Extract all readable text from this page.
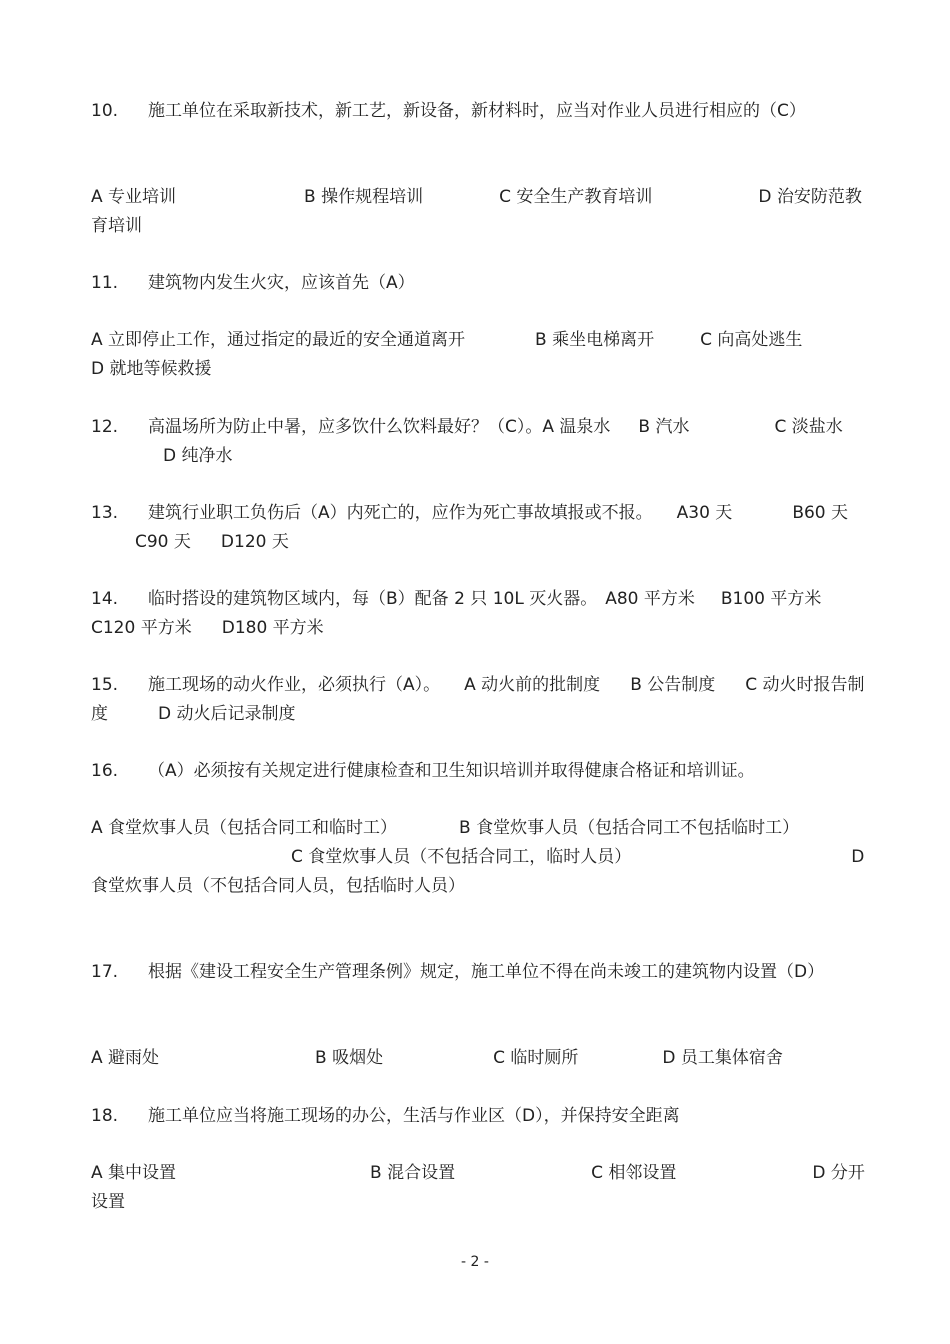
10. 施工单位在采取新技术，新工艺，新设备，新材料时，应当对作业人员进行相应的（C）

A 专业培训	B 操作规程培训	C 安全生产教育培训	D 治安防范教育培训

11. 建筑物内发生火灾，应该首先（A）

A 立即停止工作，通过指定的最近的安全通道离开	B 乘坐电梯离开	C 向高处逃生D 就地等候救援

12. 高温场所为防止中暑，应多饮什么饮料最好？（C）。A 温泉水 B 汽水	C 淡盐水D 纯净水

13. 建筑行业职工负伤后（A）内死亡的，应作为死亡事故填报或不报。 A30 天	B60 天C90 天 D120 天

14. 临时搭设的建筑物区域内，每（B）配备 2 只 10L 灭火器。 A80 平方米 B100 平方米C120 平方米 D180 平方米

15. 施工现场的动火作业，必须执行（A）。 A 动火前的批制度 B 公告制度 C 动火时报告制度	D 动火后记录制度

16. （A）必须按有关规定进行健康检查和卫生知识培训并取得健康合格证和培训证。

A 食堂炊事人员（包括合同工和临时工）	B 食堂炊事人员（包括合同工不包括临时工）C 食堂炊事人员（不包括合同工，临时人员）	D 食堂炊事人员（不包括合同人员，包括临时人员）

17. 根据《建设工程安全生产管理条例》规定，施工单位不得在尚未竣工的建筑物内设置（D）

A 避雨处	B 吸烟处	C 临时厕所	D 员工集体宿舍

18. 施工单位应当将施工现场的办公，生活与作业区（D），并保持安全距离

A 集中设置	B 混合设置	C 相邻设置	D 分开设置

- 2 -
